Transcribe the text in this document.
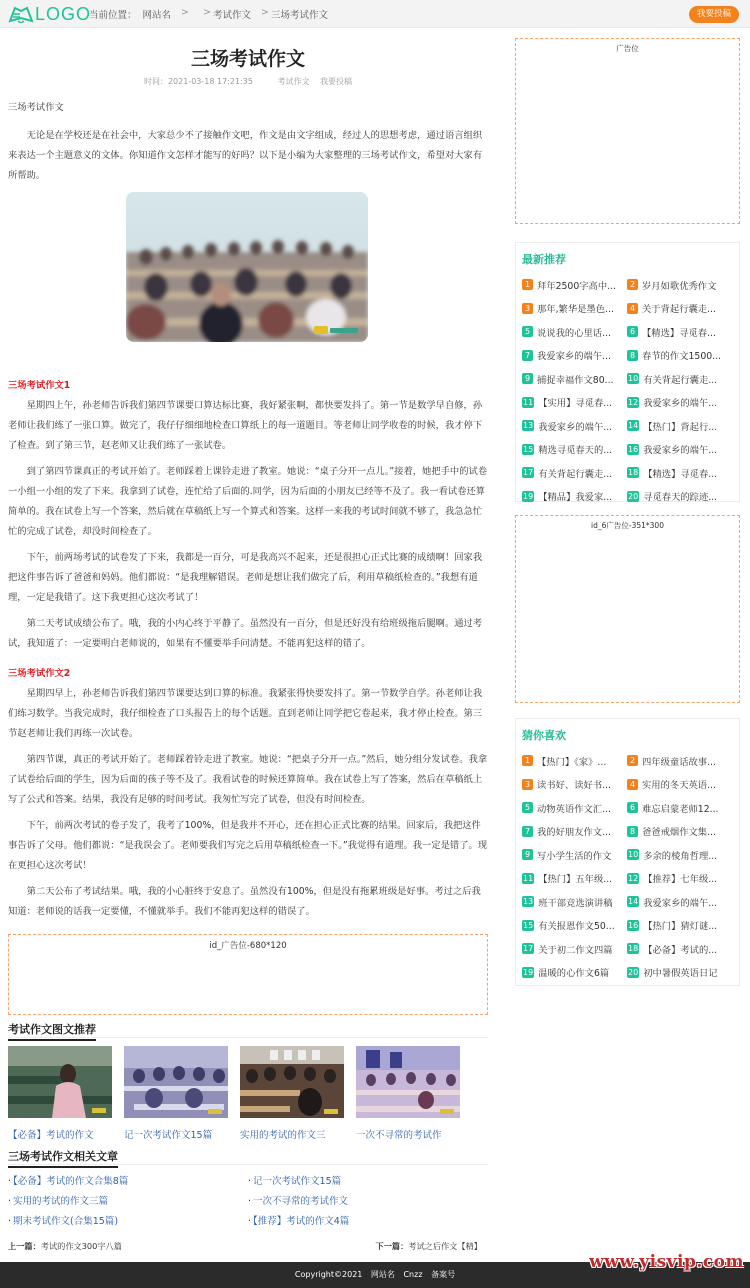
LOGO
当前位置： 网站名 > > 考试作文 > 三场考试作文	我要投稿
三场考试作文
时间：2021-03-18 17:21:35	考试作文 我要投稿

三场考试作文

无论是在学校还是在社会中，大家总少不了接触作文吧，作文是由文字组成，经过人的思想考虑，通过语言组织来表达一个主题意义的文体。你知道作文怎样才能写的好吗？以下是小编为大家整理的三场考试作文，希望对大家有所帮助。

三场考试作文1

星期四上午，孙老师告诉我们第四节课要口算达标比赛，我好紧张啊，都快要发抖了。第一节是数学早自修，孙老师让我们练了一张口算。做完了，我仔仔细细地检查口算纸上的每一道题目。等老师让同学收卷的时候，我才停下了检查。到了第三节，赵老师又让我们练了一张试卷。

到了第四节课真正的考试开始了。老师踩着上课铃走进了教室。她说：“桌子分开一点儿。”接着，她把手中的试卷一小组一小组的发了下来。我拿到了试卷，连忙给了后面的.同学，因为后面的小朋友已经等不及了。我一看试卷还算简单的。我在试卷上写一个答案，然后就在草稿纸上写一个算式和答案。这样一来我的考试时间就不够了，我急急忙忙的完成了试卷，却没时间检查了。

下午，前两场考试的试卷发了下来，我都是一百分，可是我高兴不起来，还是很担心正式比赛的成绩啊！回家我把这件事告诉了爸爸和妈妈。他们都说：“是我理解错误。老师是想让我们做完了后，利用草稿纸检查的。”我想有道理，一定是我错了。这下我更担心这次考试了！

第二天考试成绩公布了。哦，我的小内心终于平静了。虽然没有一百分，但是还好没有给班级拖后腿啊。通过考试，我知道了：一定要明白老师说的，如果有不懂要举手问清楚。不能再犯这样的错了。

三场考试作文2

星期四早上，孙老师告诉我们第四节课要达到口算的标准。我紧张得快要发抖了。第一节数学自学。孙老师让我们练习数学。当我完成时，我仔细检查了口头报告上的每个话题。直到老师让同学把它卷起来，我才停止检查。第三节赵老师让我们再练一次试卷。

第四节课，真正的考试开始了。老师踩着铃走进了教室。她说：“把桌子分开一点。”然后，她分组分发试卷。我拿了试卷给后面的学生，因为后面的孩子等不及了。我看试卷的时候还算简单。我在试卷上写了答案，然后在草稿纸上写了公式和答案。结果，我没有足够的时间考试。我匆忙写完了试卷，但没有时间检查。

下午，前两次考试的卷子发了，我考了100%，但是我并不开心，还在担心正式比赛的结果。回家后，我把这件事告诉了父母。他们都说：“是我误会了。老师要我们写完之后用草稿纸检查一下。”我觉得有道理。我一定是错了。现在更担心这次考试！

第二天公布了考试结果。哦，我的小心脏终于安息了。虽然没有100%，但是没有拖累班级是好事。考过之后我知道：老师说的话我一定要懂，不懂就举手。我们不能再犯这样的错误了。

id_广告位-680*120
考试作文图文推荐
【必备】考试的作文	记一次考试作文15篇	实用的考试的作文三	一次不寻常的考试作
三场考试作文相关文章
· 【必备】考试的作文合集8篇	· 记一次考试作文15篇
· 实用的考试的作文三篇	· 一次不寻常的考试作文
· 期末考试作文(合集15篇)	· 【推荐】考试的作文4篇
上一篇：考试的作文300字八篇	下一篇：考试之后作文【精】
广告位
最新推荐
1 拜年2500字高中...	2 岁月如歌优秀作文
3 那年,繁华是墨色...	4 关于背起行囊走...
5 说说我的心里话...	6 【精选】寻觅春...
7 我爱家乡的端午...	8 春节的作文1500...
9 捕捉幸福作文80... 10 有关背起行囊走...
11 【实用】寻觅春... 12 我爱家乡的端午...
13 我爱家乡的端午... 14 【热门】背起行...
15 精选寻觅春天的... 16 我爱家乡的端午...
17 有关背起行囊走... 18 【精选】寻觅春...
19 【精品】我爱家... 20 寻觅春天的踪迹...
id_6广告位-351*300
猜你喜欢
1 【热门】《家》...	2 四年级童话故事...
3 读书好、读好书...	4 实用的冬天英语...
5 动物英语作文汇...	6 难忘启蒙老师12...
7 我的好朋友作文...	8 爸爸戒烟作文集...
9 写小学生活的作文 10 多余的棱角哲理...
11 【热门】五年级... 12 【推荐】七年级...
13 班干部竞选演讲稿 14 我爱家乡的端午...
15 有关报恩作文50... 16 【热门】猜灯谜...
17 关于初二作文四篇 18 【必备】考试的...
19 温暖的心作文6篇 20 初中暑假英语日记
Copyright©2021 网站名 Cnzz 备案号
www.yisvip.com
